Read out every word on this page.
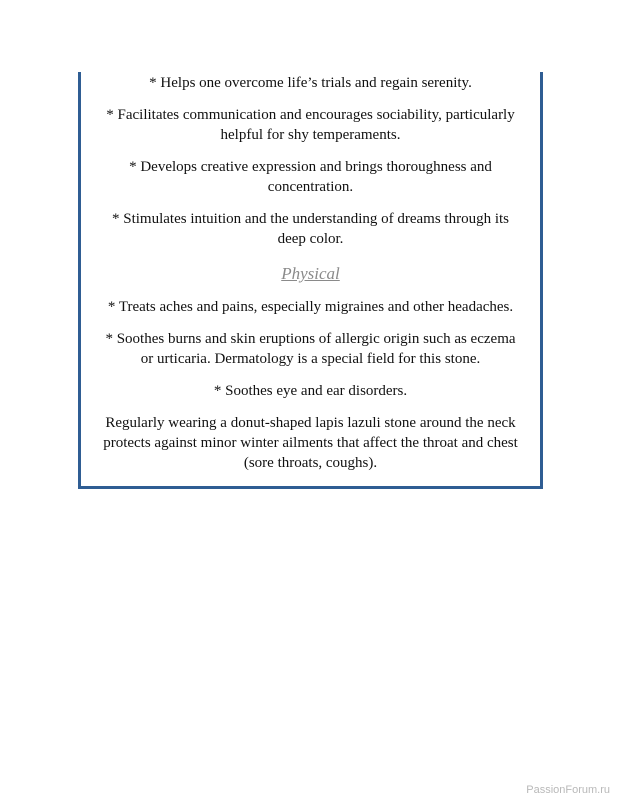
* Helps one overcome life’s trials and regain serenity.

* Facilitates communication and encourages sociability, particularly helpful for shy temperaments.

* Develops creative expression and brings thoroughness and concentration.

* Stimulates intuition and the understanding of dreams through its deep color.

Physical

* Treats aches and pains, especially migraines and other headaches.

* Soothes burns and skin eruptions of allergic origin such as eczema or urticaria. Dermatology is a special field for this stone.

* Soothes eye and ear disorders.

Regularly wearing a donut-shaped lapis lazuli stone around the neck protects against minor winter ailments that affect the throat and chest (sore throats, coughs).

PassionForum.ru
